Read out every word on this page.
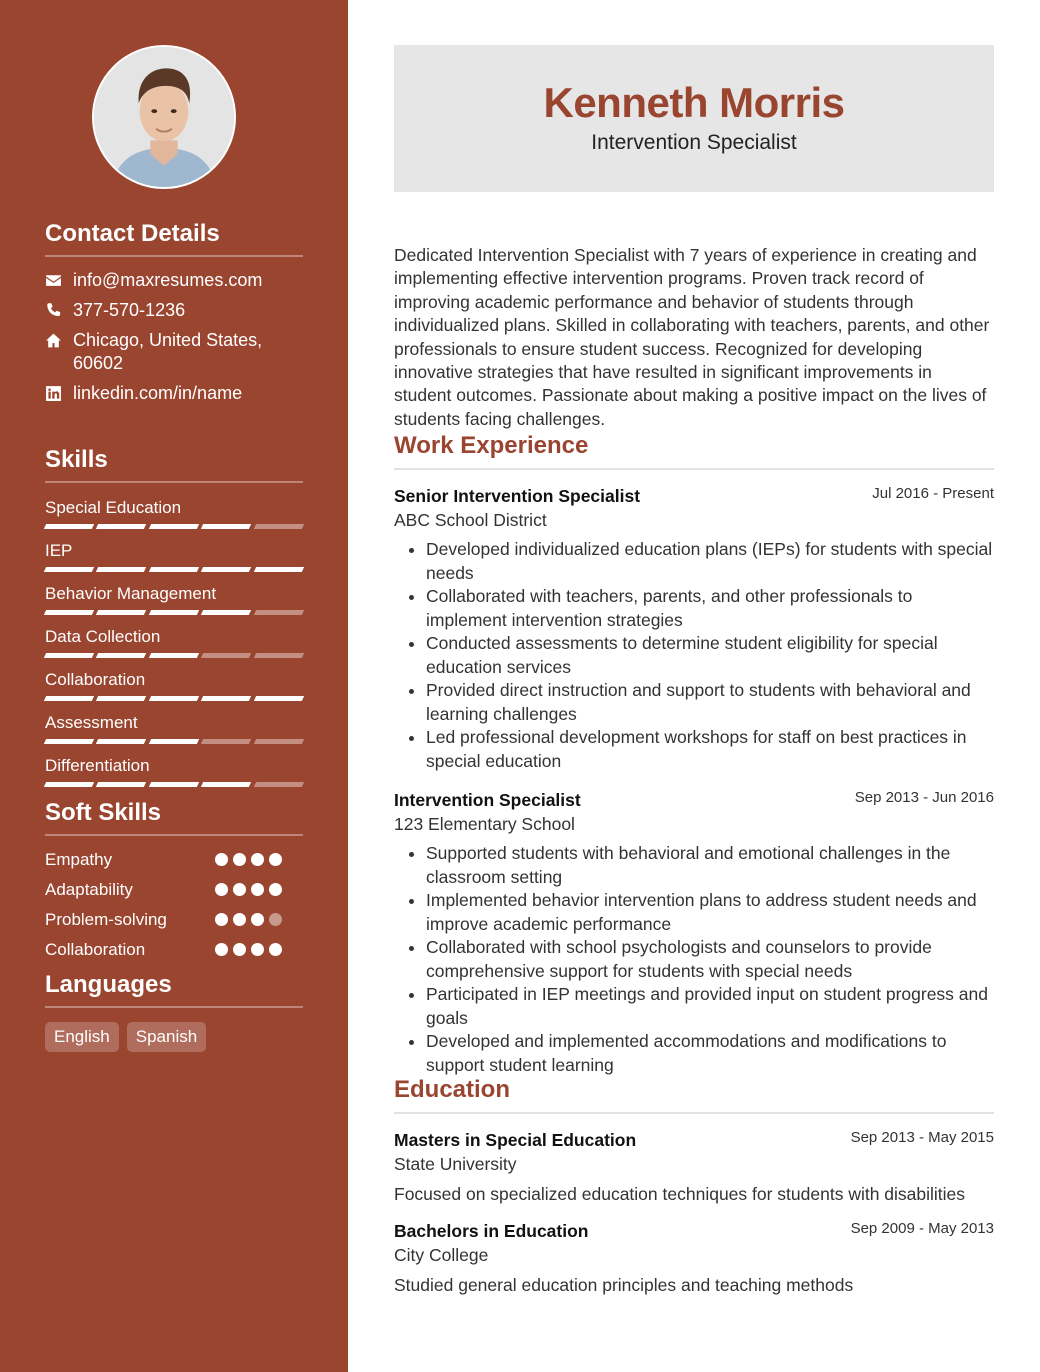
Contact Details
info@maxresumes.com
377-570-1236
Chicago, United States,
60602
linkedin.com/in/name
Skills
Special Education
IEP
Behavior Management
Data Collection
Collaboration
Assessment
Differentiation
Soft Skills
Empathy
Adaptability
Problem-solving
Collaboration
Languages
English	Spanish
Kenneth Morris
Intervention Specialist
Dedicated Intervention Specialist with 7 years of experience in creating and implementing effective intervention programs. Proven track record of improving academic performance and behavior of students through individualized plans. Skilled in collaborating with teachers, parents, and other professionals to ensure student success. Recognized for developing innovative strategies that have resulted in significant improvements in student outcomes. Passionate about making a positive impact on the lives of students facing challenges.
Work Experience
Senior Intervention Specialist	Jul 2016 - Present
ABC School District
• Developed individualized education plans (IEPs) for students with special needs
• Collaborated with teachers, parents, and other professionals to implement intervention strategies
• Conducted assessments to determine student eligibility for special education services
• Provided direct instruction and support to students with behavioral and learning challenges
• Led professional development workshops for staff on best practices in special education
Intervention Specialist	Sep 2013 - Jun 2016
123 Elementary School
• Supported students with behavioral and emotional challenges in the classroom setting
• Implemented behavior intervention plans to address student needs and improve academic performance
• Collaborated with school psychologists and counselors to provide comprehensive support for students with special needs
• Participated in IEP meetings and provided input on student progress and goals
• Developed and implemented accommodations and modifications to support student learning
Education
Masters in Special Education	Sep 2013 - May 2015
State University
Focused on specialized education techniques for students with disabilities
Bachelors in Education	Sep 2009 - May 2013
City College
Studied general education principles and teaching methods
